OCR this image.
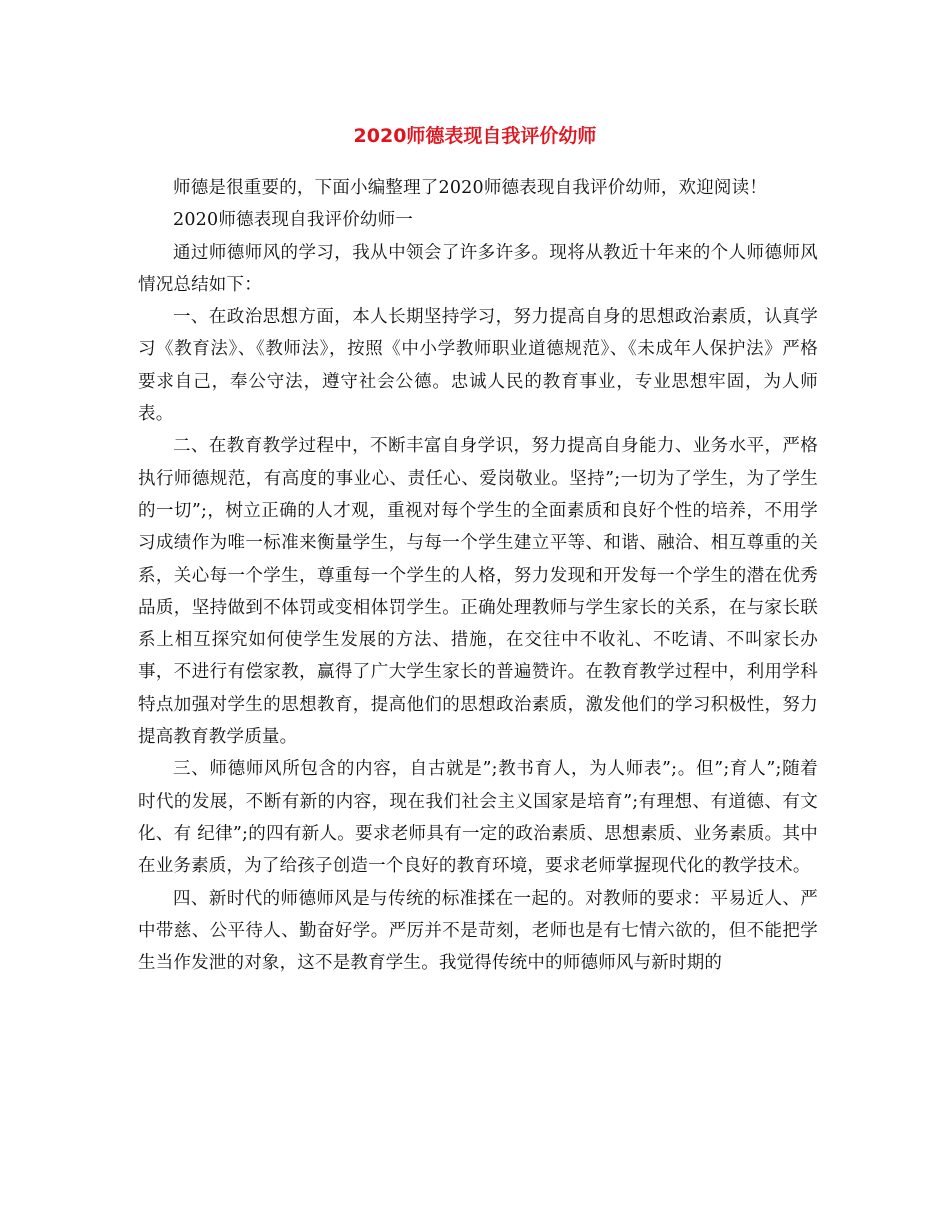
2020师德表现自我评价幼师

师德是很重要的，下面小编整理了2020师德表现自我评价幼师，欢迎阅读！

2020师德表现自我评价幼师一

通过师德师风的学习，我从中领会了许多许多。现将从教近十年来的个人师德师风情况总结如下：

一、在政治思想方面，本人长期坚持学习，努力提高自身的思想政治素质，认真学习《教育法》、《教师法》，按照《中小学教师职业道德规范》、《未成年人保护法》严格要求自己，奉公守法，遵守社会公德。忠诚人民的教育事业，专业思想牢固，为人师表。

二、在教育教学过程中，不断丰富自身学识，努力提高自身能力、业务水平，严格执行师德规范，有高度的事业心、责任心、爱岗敬业。坚持”;一切为了学生，为了学生的一切”;，树立正确的人才观，重视对每个学生的全面素质和良好个性的培养，不用学习成绩作为唯一标准来衡量学生，与每一个学生建立平等、和谐、融洽、相互尊重的关系，关心每一个学生，尊重每一个学生的人格，努力发现和开发每一个学生的潜在优秀品质，坚持做到不体罚或变相体罚学生。正确处理教师与学生家长的关系，在与家长联系上相互探究如何使学生发展的方法、措施，在交往中不收礼、不吃请、不叫家长办事，不进行有偿家教，赢得了广大学生家长的普遍赞许。在教育教学过程中，利用学科特点加强对学生的思想教育，提高他们的思想政治素质，激发他们的学习积极性，努力提高教育教学质量。

三、师德师风所包含的内容，自古就是”;教书育人，为人师表”;。但”;育人”;随着时代的发展，不断有新的内容，现在我们社会主义国家是培育”;有理想、有道德、有文化、有 纪律”;的四有新人。要求老师具有一定的政治素质、思想素质、业务素质。其中在业务素质，为了给孩子创造一个良好的教育环境，要求老师掌握现代化的教学技术。

四、新时代的师德师风是与传统的标准揉在一起的。对教师的要求：平易近人、严中带慈、公平待人、勤奋好学。严厉并不是苛刻，老师也是有七情六欲的，但不能把学生当作发泄的对象，这不是教育学生。我觉得传统中的师德师风与新时期的
